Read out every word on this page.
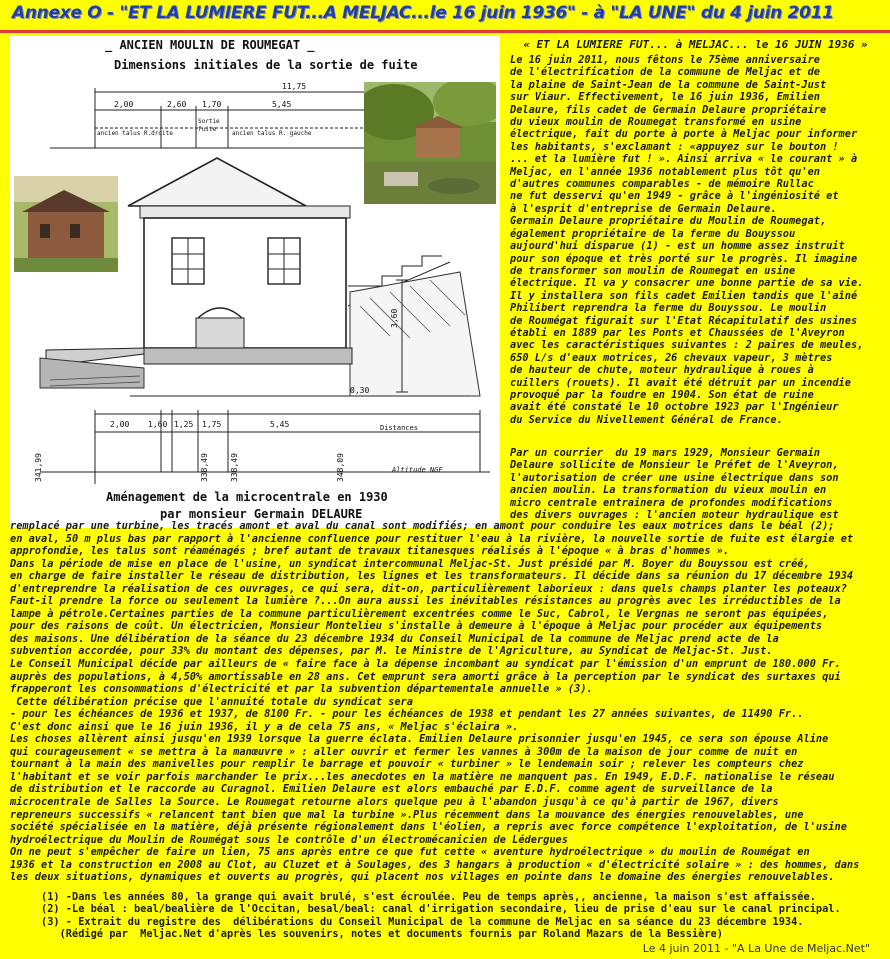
Annexe O - "ET LA LUMIERE FUT...A MELJAC...le 16 juin 1936" - à "LA UNE" du 4 juin 2011
_ ANCIEN MOULIN DE ROUMEGAT _
Dimensions initiales de la sortie de fuite
11,75
2,00	2,60 1,70	5,45
ancien talus R.droite
Sortie fuite
ancien talus R. gauche
3,60
0,30
2,00 1,60 1,25 1,75	5,45	Distances
341,99	338,49	338,49	348,09	Altitude NGF
Aménagement de la microcentrale en 1930
par monsieur Germain DELAURE
« ET LA LUMIERE FUT... à MELJAC... le 16 JUIN 1936 »
Le 16 juin 2011, nous fêtons le 75ème anniversaire
de l'électrification de la commune de Meljac et de
la plaine de Saint-Jean de la commune de Saint-Just
sur Viaur. Effectivement, le 16 juin 1936, Emilien
Delaure, fils cadet de Germain Delaure propriétaire
du vieux moulin de Roumegat transformé en usine
électrique, fait du porte à porte à Meljac pour informer
les habitants, s'exclamant : «appuyez sur le bouton !
... et la lumière fut ! ». Ainsi arriva « le courant » à
Meljac, en l'année 1936 notablement plus tôt qu'en
d'autres communes comparables - de mémoire Rullac
ne fut desservi qu'en 1949 - grâce à l'ingéniosité et
à l'esprit d'entreprise de Germain Delaure.
Germain Delaure propriétaire du Moulin de Roumegat,
également propriétaire de la ferme du Bouyssou
aujourd'hui disparue (1) - est un homme assez instruit
pour son époque et très porté sur le progrès. Il imagine
de transformer son moulin de Roumegat en usine
électrique. Il va y consacrer une bonne partie de sa vie.
Il y installera son fils cadet Emilien tandis que l'aîné
Philibert reprendra la ferme du Bouyssou. Le moulin
de Roumégat figurait sur l'Etat Récapitulatif des usines
établi en 1889 par les Ponts et Chaussées de l'Aveyron
avec les caractéristiques suivantes : 2 paires de meules,
650 L/s d'eaux motrices, 26 chevaux vapeur, 3 mètres
de hauteur de chute, moteur hydraulique à roues à
cuillers (rouets). Il avait été détruit par un incendie
provoqué par la foudre en 1904. Son état de ruine
avait été constaté le 10 octobre 1923 par l'Ingénieur
du Service du Nivellement Général de France.
Par un courrier  du 19 mars 1929, Monsieur Germain
Delaure sollicite de Monsieur le Préfet de l'Aveyron,
l'autorisation de créer une usine électrique dans son
ancien moulin. La transformation du vieux moulin en
micro centrale entrainera de profondes modifications
des divers ouvrages : l'ancien moteur hydraulique est
remplacé par une turbine, les tracés amont et aval du canal sont modifiés; en amont pour conduire les eaux motrices dans le béal (2);
en aval, 50 m plus bas par rapport à l'ancienne confluence pour restituer l'eau à la rivière, la nouvelle sortie de fuite est élargie et
approfondie, les talus sont réaménagés ; bref autant de travaux titanesques réalisés à l'époque « à bras d'hommes ».
Dans la période de mise en place de l'usine, un syndicat intercommunal Meljac-St. Just présidé par M. Boyer du Bouyssou est créé,
en charge de faire installer le réseau de distribution, les lignes et les transformateurs. Il décide dans sa réunion du 17 décembre 1934
d'entreprendre la réalisation de ces ouvrages, ce qui sera, dit-on, particulièrement laborieux : dans quels champs planter les poteaux?
Faut-il prendre la force ou seulement la lumière ?...On aura aussi les inévitables résistances au progrès avec les irréductibles de la
lampe à pétrole.Certaines parties de la commune particulièrement excentrées comme le Suc, Cabrol, le Vergnas ne seront pas équipées,
pour des raisons de coût. Un électricien, Monsieur Montelieu s'installe à demeure à l'époque à Meljac pour procéder aux équipements
des maisons. Une délibération de la séance du 23 décembre 1934 du Conseil Municipal de la commune de Meljac prend acte de la
subvention accordée, pour 33% du montant des dépenses, par M. le Ministre de l'Agriculture, au Syndicat de Meljac-St. Just.
Le Conseil Municipal décide par ailleurs de « faire face à la dépense incombant au syndicat par l'émission d'un emprunt de 180.000 Fr.
auprès des populations, à 4,50% amortissable en 28 ans. Cet emprunt sera amorti grâce à la perception par le syndicat des surtaxes qui
frapperont les consommations d'électricité et par la subvention départementale annuelle » (3).
Cette délibération précise que l'annuité totale du syndicat sera
- pour les échéances de 1936 et 1937, de 8100 Fr. - pour les échéances de 1938 et pendant les 27 années suivantes, de 11490 Fr..
C'est donc ainsi que le 16 juin 1936, il y a de cela 75 ans, « Meljac s'éclaira ».
Les choses allèrent ainsi jusqu'en 1939 lorsque la guerre éclata. Emilien Delaure prisonnier jusqu'en 1945, ce sera son épouse Aline
qui courageusement « se mettra à la manœuvre » : aller ouvrir et fermer les vannes à 300m de la maison de jour comme de nuit en
tournant à la main des manivelles pour remplir le barrage et pouvoir « turbiner » le lendemain soir ; relever les compteurs chez
l'habitant et se voir parfois marchander le prix...les anecdotes en la matière ne manquent pas. En 1949, E.D.F. nationalise le réseau
de distribution et le raccorde au Curagnol. Emilien Delaure est alors embauché par E.D.F. comme agent de surveillance de la
microcentrale de Salles la Source. Le Roumegat retourne alors quelque peu à l'abandon jusqu'à ce qu'à partir de 1967, divers
repreneurs successifs « relancent tant bien que mal la turbine ».Plus récemment dans la mouvance des énergies renouvelables, une
société spécialisée en la matière, déjà présente régionalement dans l'éolien, a repris avec force compétence l'exploitation, de l'usine
hydroélectrique du Moulin de Roumégat sous le contrôle d'un électromécanicien de Lédergues
On ne peut s'empêcher de faire un lien, 75 ans après entre ce que fut cette « aventure hydroélectrique » du moulin de Roumégat en
1936 et la construction en 2008 au Clot, au Cluzet et à Soulages, des 3 hangars à production « d'électricité solaire » : des hommes, dans
les deux situations, dynamiques et ouverts au progrès, qui placent nos villages en pointe dans le domaine des énergies renouvelables.
(1) -Dans les années 80, la grange qui avait brulé, s'est écroulée. Peu de temps après,, ancienne, la maison s'est affaissée.
(2) -Le béal : beal/bealière de l'Occitan, besal/beal: canal d'irrigation secondaire, lieu de prise d'eau sur le canal principal.
(3) - Extrait du registre des  délibérations du Conseil Municipal de la commune de Meljac en sa séance du 23 décembre 1934.
(Rédigé par  Meljac.Net d'après les souvenirs, notes et documents fournis par Roland Mazars de la Bessière)
Le 4 juin 2011 - "A La Une de Meljac.Net"
